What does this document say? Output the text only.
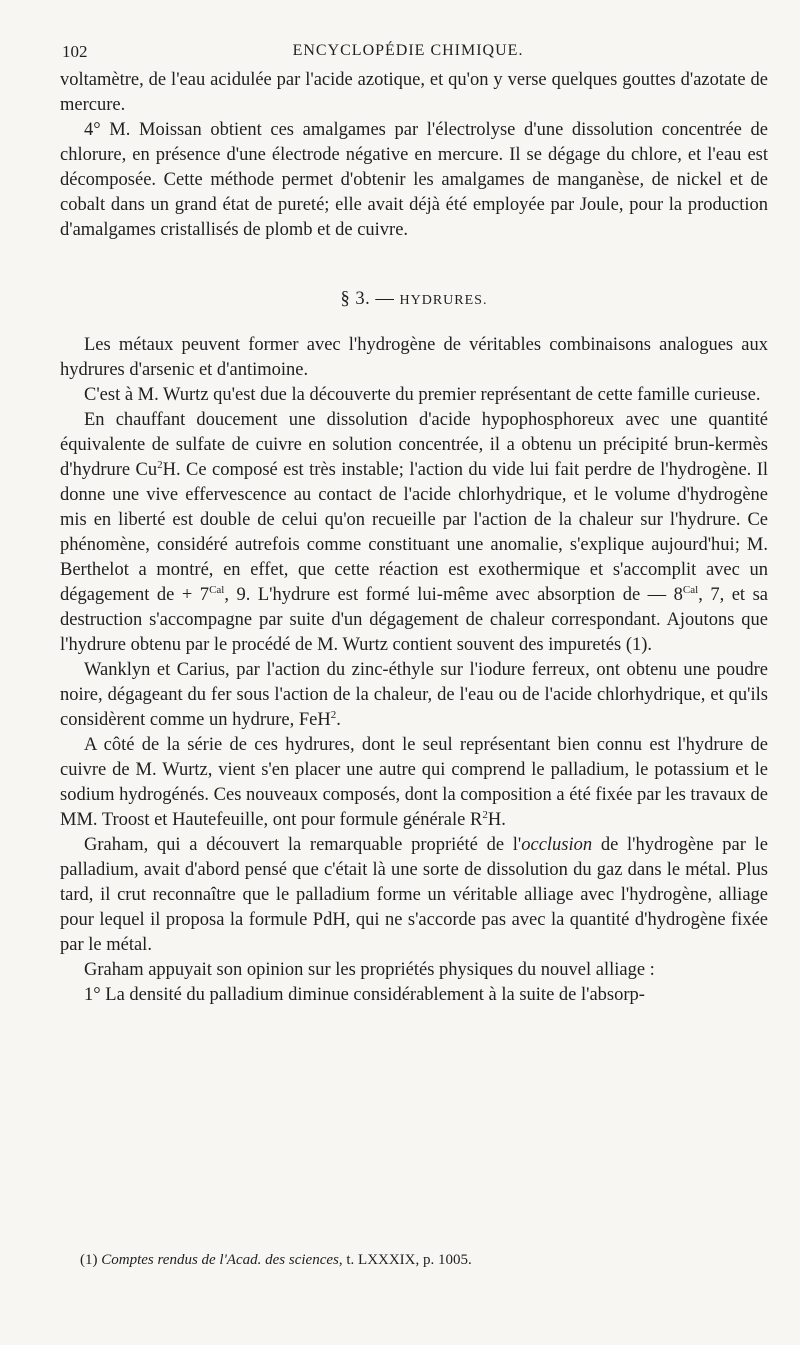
102	ENCYCLOPÉDIE CHIMIQUE.

voltamètre, de l'eau acidulée par l'acide azotique, et qu'on y verse quelques gouttes d'azotate de mercure.

4° M. Moissan obtient ces amalgames par l'électrolyse d'une dissolution concentrée de chlorure, en présence d'une électrode négative en mercure. Il se dégage du chlore, et l'eau est décomposée. Cette méthode permet d'obtenir les amalgames de manganèse, de nickel et de cobalt dans un grand état de pureté; elle avait déjà été employée par Joule, pour la production d'amalgames cristallisés de plomb et de cuivre.

§ 3. — HYDRURES.

Les métaux peuvent former avec l'hydrogène de véritables combinaisons analogues aux hydrures d'arsenic et d'antimoine.

C'est à M. Wurtz qu'est due la découverte du premier représentant de cette famille curieuse.

En chauffant doucement une dissolution d'acide hypophosphoreux avec une quantité équivalente de sulfate de cuivre en solution concentrée, il a obtenu un précipité brun-kermès d'hydrure Cu$^2$H. Ce composé est très instable; l'action du vide lui fait perdre de l'hydrogène. Il donne une vive effervescence au contact de l'acide chlorhydrique, et le volume d'hydrogène mis en liberté est double de celui qu'on recueille par l'action de la chaleur sur l'hydrure. Ce phénomène, considéré autrefois comme constituant une anomalie, s'explique aujourd'hui; M. Berthelot a montré, en effet, que cette réaction est exothermique et s'accomplit avec un dégagement de + $7^{Cal}$, 9. L'hydrure est formé lui-même avec absorption de — $8^{Cal}$, 7, et sa destruction s'accompagne par suite d'un dégagement de chaleur correspondant. Ajoutons que l'hydrure obtenu par le procédé de M. Wurtz contient souvent des impuretés (1).

Wanklyn et Carius, par l'action du zinc-éthyle sur l'iodure ferreux, ont obtenu une poudre noire, dégageant du fer sous l'action de la chaleur, de l'eau ou de l'acide chlorhydrique, et qu'ils considèrent comme un hydrure, FeH$^2$.

A côté de la série de ces hydrures, dont le seul représentant bien connu est l'hydrure de cuivre de M. Wurtz, vient s'en placer une autre qui comprend le palladium, le potassium et le sodium hydrogénés. Ces nouveaux composés, dont la composition a été fixée par les travaux de MM. Troost et Hautefeuille, ont pour formule générale $R^2H$.

Graham, qui a découvert la remarquable propriété de l'occlusion de l'hydrogène par le palladium, avait d'abord pensé que c'était là une sorte de dissolution du gaz dans le métal. Plus tard, il crut reconnaître que le palladium forme un véritable alliage avec l'hydrogène, alliage pour lequel il proposa la formule PdH, qui ne s'accorde pas avec la quantité d'hydrogène fixée par le métal.

Graham appuyait son opinion sur les propriétés physiques du nouvel alliage :

1° La densité du palladium diminue considérablement à la suite de l'absorp-

(1) Comptes rendus de l'Acad. des sciences, t. LXXXIX, p. 1005.
